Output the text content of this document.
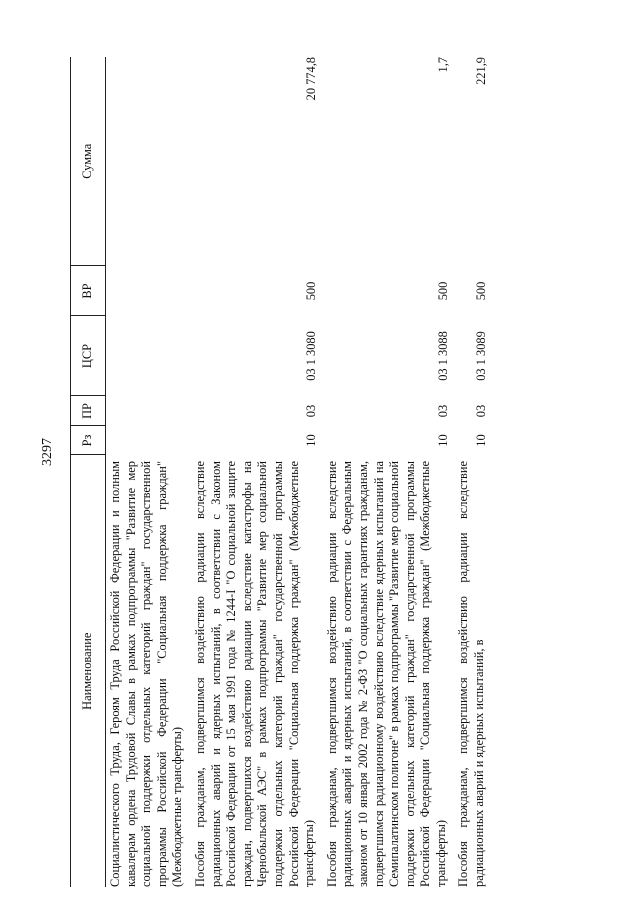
3297
Наименование	Рз	ПР	ЦСР	ВР	Сумма
Социалистического Труда, Героям Труда Российской Федерации и полным кавалерам ордена Трудовой Славы в рамках подпрограммы "Развитие мер социальной поддержки отдельных категорий граждан" государственной программы Российской Федерации "Социальная поддержка граждан" (Межбюджетные трансферты)					
Пособия гражданам, подвергшимся воздействию радиации вследствие радиационных аварий и ядерных испытаний, в соответствии с Законом Российской Федерации от 15 мая 1991 года № 1244-I "О социальной защите граждан, подвергшихся воздействию радиации вследствие катастрофы на Чернобыльской АЭС" в рамках подпрограммы "Развитие мер социальной поддержки отдельных категорий граждан" государственной программы Российской Федерации "Социальная поддержка граждан" (Межбюджетные трансферты)	10	03	03 1 3080	500	20 774,8
Пособия гражданам, подвергшимся воздействию радиации вследствие радиационных аварий и ядерных испытаний, в соответствии с Федеральным законом от 10 января 2002 года № 2-ФЗ "О социальных гарантиях гражданам, подвергшимся радиационному воздействию вследствие ядерных испытаний на Семипалатинском полигоне" в рамках подпрограммы "Развитие мер социальной поддержки отдельных категорий граждан" государственной программы Российской Федерации "Социальная поддержка граждан" (Межбюджетные трансферты)	10	03	03 1 3088	500	1,7
Пособия гражданам, подвергшимся воздействию радиации вследствие радиационных аварий и ядерных испытаний, в	10	03	03 1 3089	500	221,9
